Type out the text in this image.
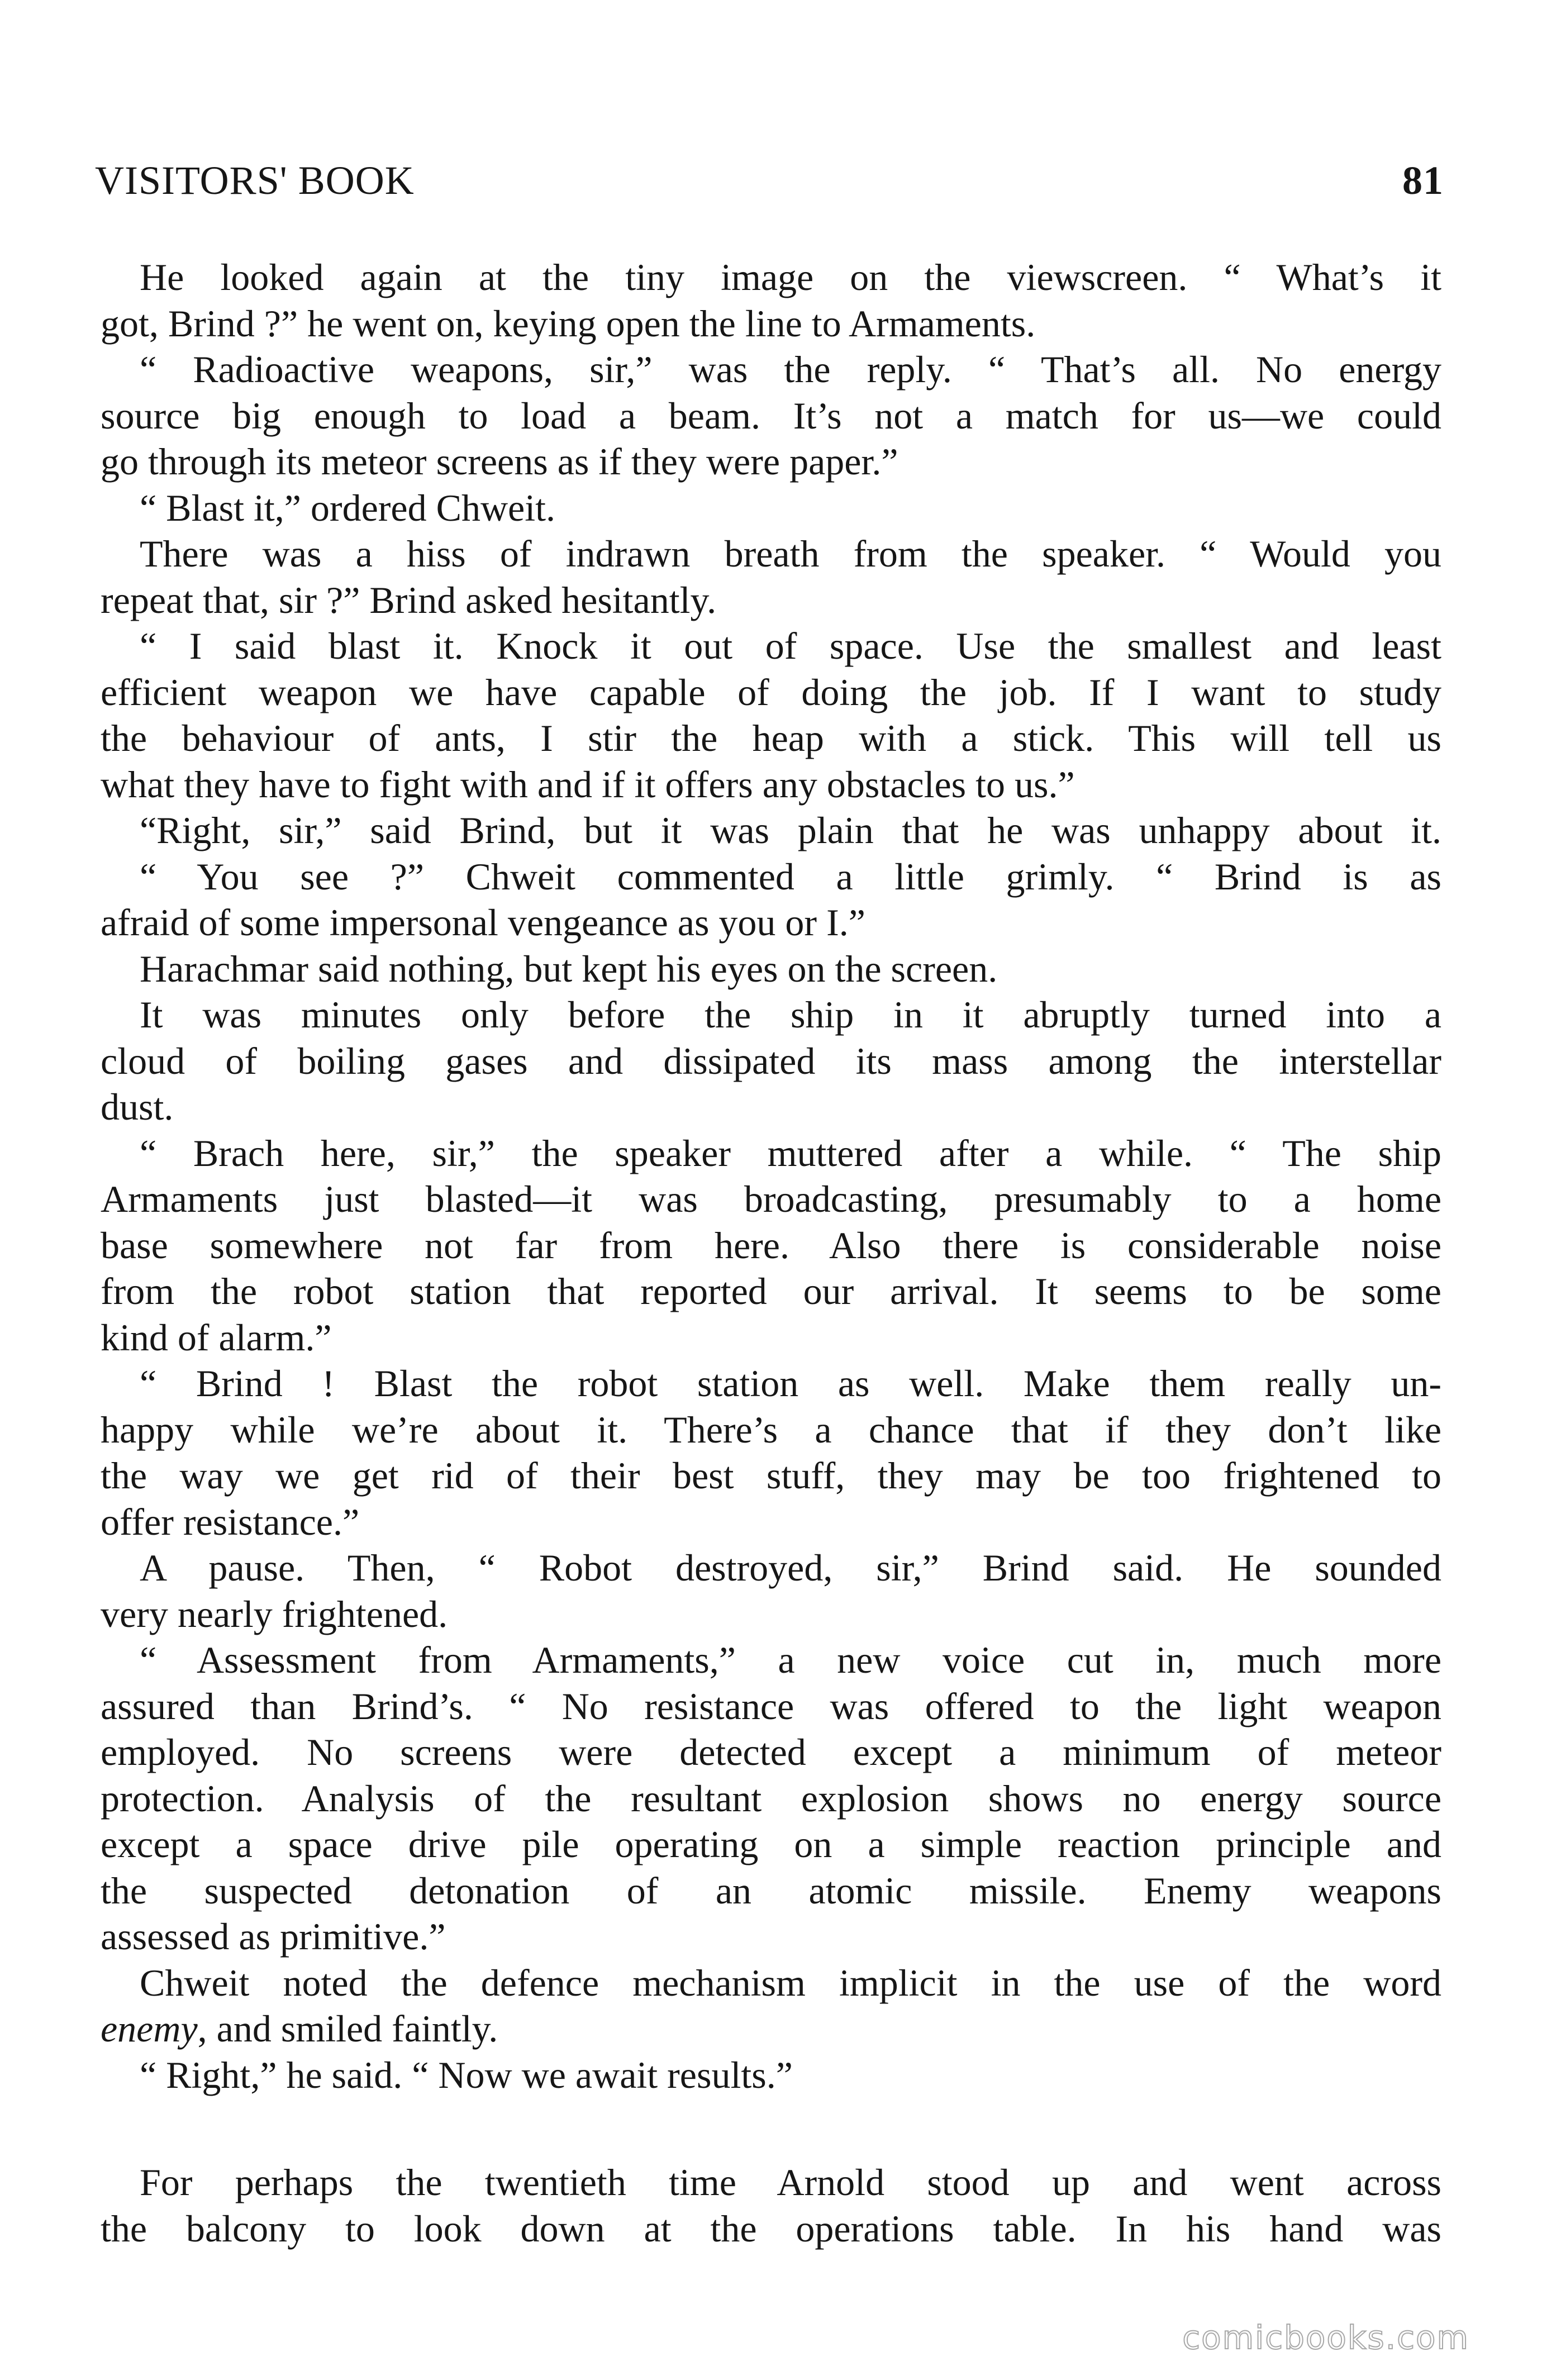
VISITORS' BOOK	81
He looked again at the tiny image on the viewscreen. “ What’s it
got, Brind ?” he went on, keying open the line to Armaments.
“ Radioactive weapons, sir,” was the reply. “ That’s all. No energy
source big enough to load a beam. It’s not a match for us—we could
go through its meteor screens as if they were paper.”
“ Blast it,” ordered Chweit.
There was a hiss of indrawn breath from the speaker. “ Would you
repeat that, sir ?” Brind asked hesitantly.
“ I said blast it. Knock it out of space. Use the smallest and least
efficient weapon we have capable of doing the job. If I want to study
the behaviour of ants, I stir the heap with a stick. This will tell us
what they have to fight with and if it offers any obstacles to us.”
“Right, sir,” said Brind, but it was plain that he was unhappy about it.
“ You see ?” Chweit commented a little grimly. “ Brind is as
afraid of some impersonal vengeance as you or I.”
Harachmar said nothing, but kept his eyes on the screen.
It was minutes only before the ship in it abruptly turned into a
cloud of boiling gases and dissipated its mass among the interstellar
dust.
“ Brach here, sir,” the speaker muttered after a while. “ The ship
Armaments just blasted—it was broadcasting, presumably to a home
base somewhere not far from here. Also there is considerable noise
from the robot station that reported our arrival. It seems to be some
kind of alarm.”
“ Brind ! Blast the robot station as well. Make them really un-
happy while we’re about it. There’s a chance that if they don’t like
the way we get rid of their best stuff, they may be too frightened to
offer resistance.”
A pause. Then, “ Robot destroyed, sir,” Brind said. He sounded
very nearly frightened.
“ Assessment from Armaments,” a new voice cut in, much more
assured than Brind’s. “ No resistance was offered to the light weapon
employed. No screens were detected except a minimum of meteor
protection. Analysis of the resultant explosion shows no energy source
except a space drive pile operating on a simple reaction principle and
the suspected detonation of an atomic missile. Enemy weapons
assessed as primitive.”
Chweit noted the defence mechanism implicit in the use of the word
enemy, and smiled faintly.
“ Right,” he said. “ Now we await results.”
For perhaps the twentieth time Arnold stood up and went across
the balcony to look down at the operations table. In his hand was
comicbooks.com
